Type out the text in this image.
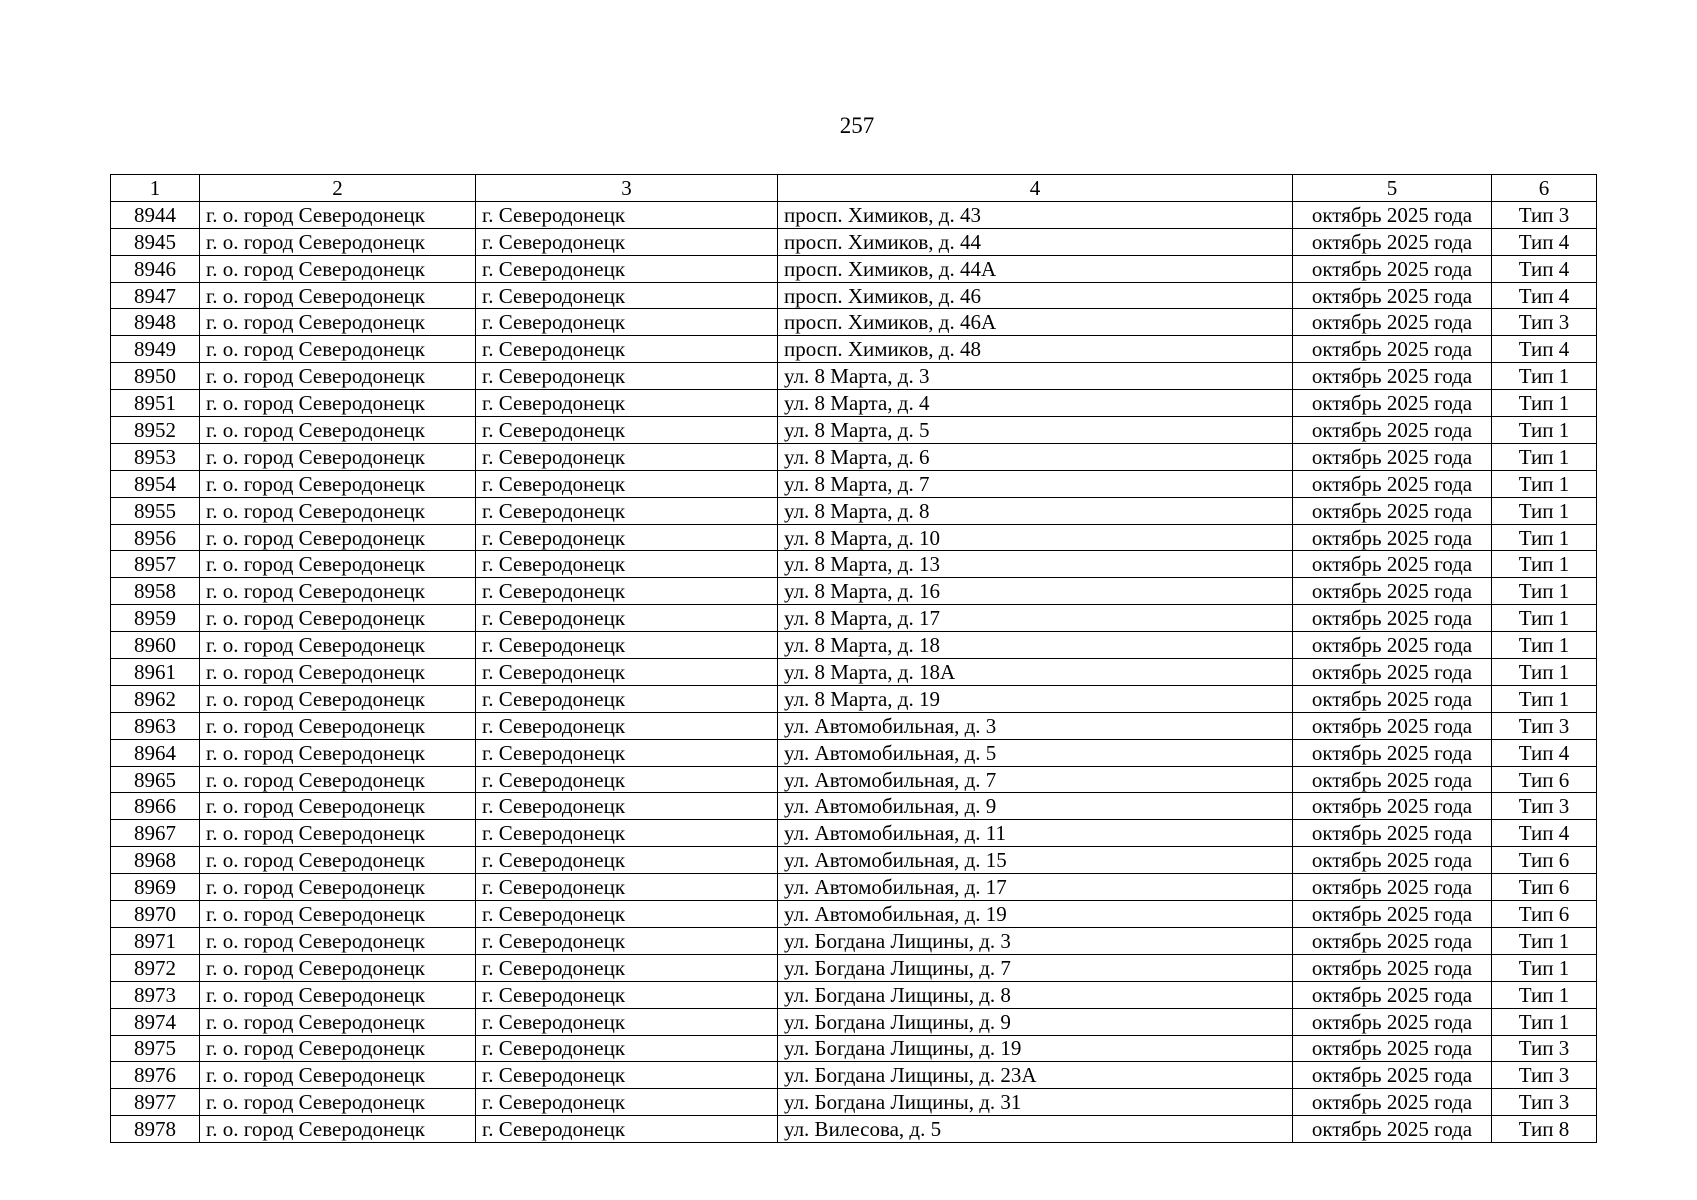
257
1	2	3	4	5	6
8944	г. о. город Северодонецк	г. Северодонецк	просп. Химиков, д. 43	октябрь 2025 года	Тип 3
8945	г. о. город Северодонецк	г. Северодонецк	просп. Химиков, д. 44	октябрь 2025 года	Тип 4
8946	г. о. город Северодонецк	г. Северодонецк	просп. Химиков, д. 44А	октябрь 2025 года	Тип 4
8947	г. о. город Северодонецк	г. Северодонецк	просп. Химиков, д. 46	октябрь 2025 года	Тип 4
8948	г. о. город Северодонецк	г. Северодонецк	просп. Химиков, д. 46А	октябрь 2025 года	Тип 3
8949	г. о. город Северодонецк	г. Северодонецк	просп. Химиков, д. 48	октябрь 2025 года	Тип 4
8950	г. о. город Северодонецк	г. Северодонецк	ул. 8 Марта, д. 3	октябрь 2025 года	Тип 1
8951	г. о. город Северодонецк	г. Северодонецк	ул. 8 Марта, д. 4	октябрь 2025 года	Тип 1
8952	г. о. город Северодонецк	г. Северодонецк	ул. 8 Марта, д. 5	октябрь 2025 года	Тип 1
8953	г. о. город Северодонецк	г. Северодонецк	ул. 8 Марта, д. 6	октябрь 2025 года	Тип 1
8954	г. о. город Северодонецк	г. Северодонецк	ул. 8 Марта, д. 7	октябрь 2025 года	Тип 1
8955	г. о. город Северодонецк	г. Северодонецк	ул. 8 Марта, д. 8	октябрь 2025 года	Тип 1
8956	г. о. город Северодонецк	г. Северодонецк	ул. 8 Марта, д. 10	октябрь 2025 года	Тип 1
8957	г. о. город Северодонецк	г. Северодонецк	ул. 8 Марта, д. 13	октябрь 2025 года	Тип 1
8958	г. о. город Северодонецк	г. Северодонецк	ул. 8 Марта, д. 16	октябрь 2025 года	Тип 1
8959	г. о. город Северодонецк	г. Северодонецк	ул. 8 Марта, д. 17	октябрь 2025 года	Тип 1
8960	г. о. город Северодонецк	г. Северодонецк	ул. 8 Марта, д. 18	октябрь 2025 года	Тип 1
8961	г. о. город Северодонецк	г. Северодонецк	ул. 8 Марта, д. 18А	октябрь 2025 года	Тип 1
8962	г. о. город Северодонецк	г. Северодонецк	ул. 8 Марта, д. 19	октябрь 2025 года	Тип 1
8963	г. о. город Северодонецк	г. Северодонецк	ул. Автомобильная, д. 3	октябрь 2025 года	Тип 3
8964	г. о. город Северодонецк	г. Северодонецк	ул. Автомобильная, д. 5	октябрь 2025 года	Тип 4
8965	г. о. город Северодонецк	г. Северодонецк	ул. Автомобильная, д. 7	октябрь 2025 года	Тип 6
8966	г. о. город Северодонецк	г. Северодонецк	ул. Автомобильная, д. 9	октябрь 2025 года	Тип 3
8967	г. о. город Северодонецк	г. Северодонецк	ул. Автомобильная, д. 11	октябрь 2025 года	Тип 4
8968	г. о. город Северодонецк	г. Северодонецк	ул. Автомобильная, д. 15	октябрь 2025 года	Тип 6
8969	г. о. город Северодонецк	г. Северодонецк	ул. Автомобильная, д. 17	октябрь 2025 года	Тип 6
8970	г. о. город Северодонецк	г. Северодонецк	ул. Автомобильная, д. 19	октябрь 2025 года	Тип 6
8971	г. о. город Северодонецк	г. Северодонецк	ул. Богдана Лищины, д. 3	октябрь 2025 года	Тип 1
8972	г. о. город Северодонецк	г. Северодонецк	ул. Богдана Лищины, д. 7	октябрь 2025 года	Тип 1
8973	г. о. город Северодонецк	г. Северодонецк	ул. Богдана Лищины, д. 8	октябрь 2025 года	Тип 1
8974	г. о. город Северодонецк	г. Северодонецк	ул. Богдана Лищины, д. 9	октябрь 2025 года	Тип 1
8975	г. о. город Северодонецк	г. Северодонецк	ул. Богдана Лищины, д. 19	октябрь 2025 года	Тип 3
8976	г. о. город Северодонецк	г. Северодонецк	ул. Богдана Лищины, д. 23А	октябрь 2025 года	Тип 3
8977	г. о. город Северодонецк	г. Северодонецк	ул. Богдана Лищины, д. 31	октябрь 2025 года	Тип 3
8978	г. о. город Северодонецк	г. Северодонецк	ул. Вилесова, д. 5	октябрь 2025 года	Тип 8
